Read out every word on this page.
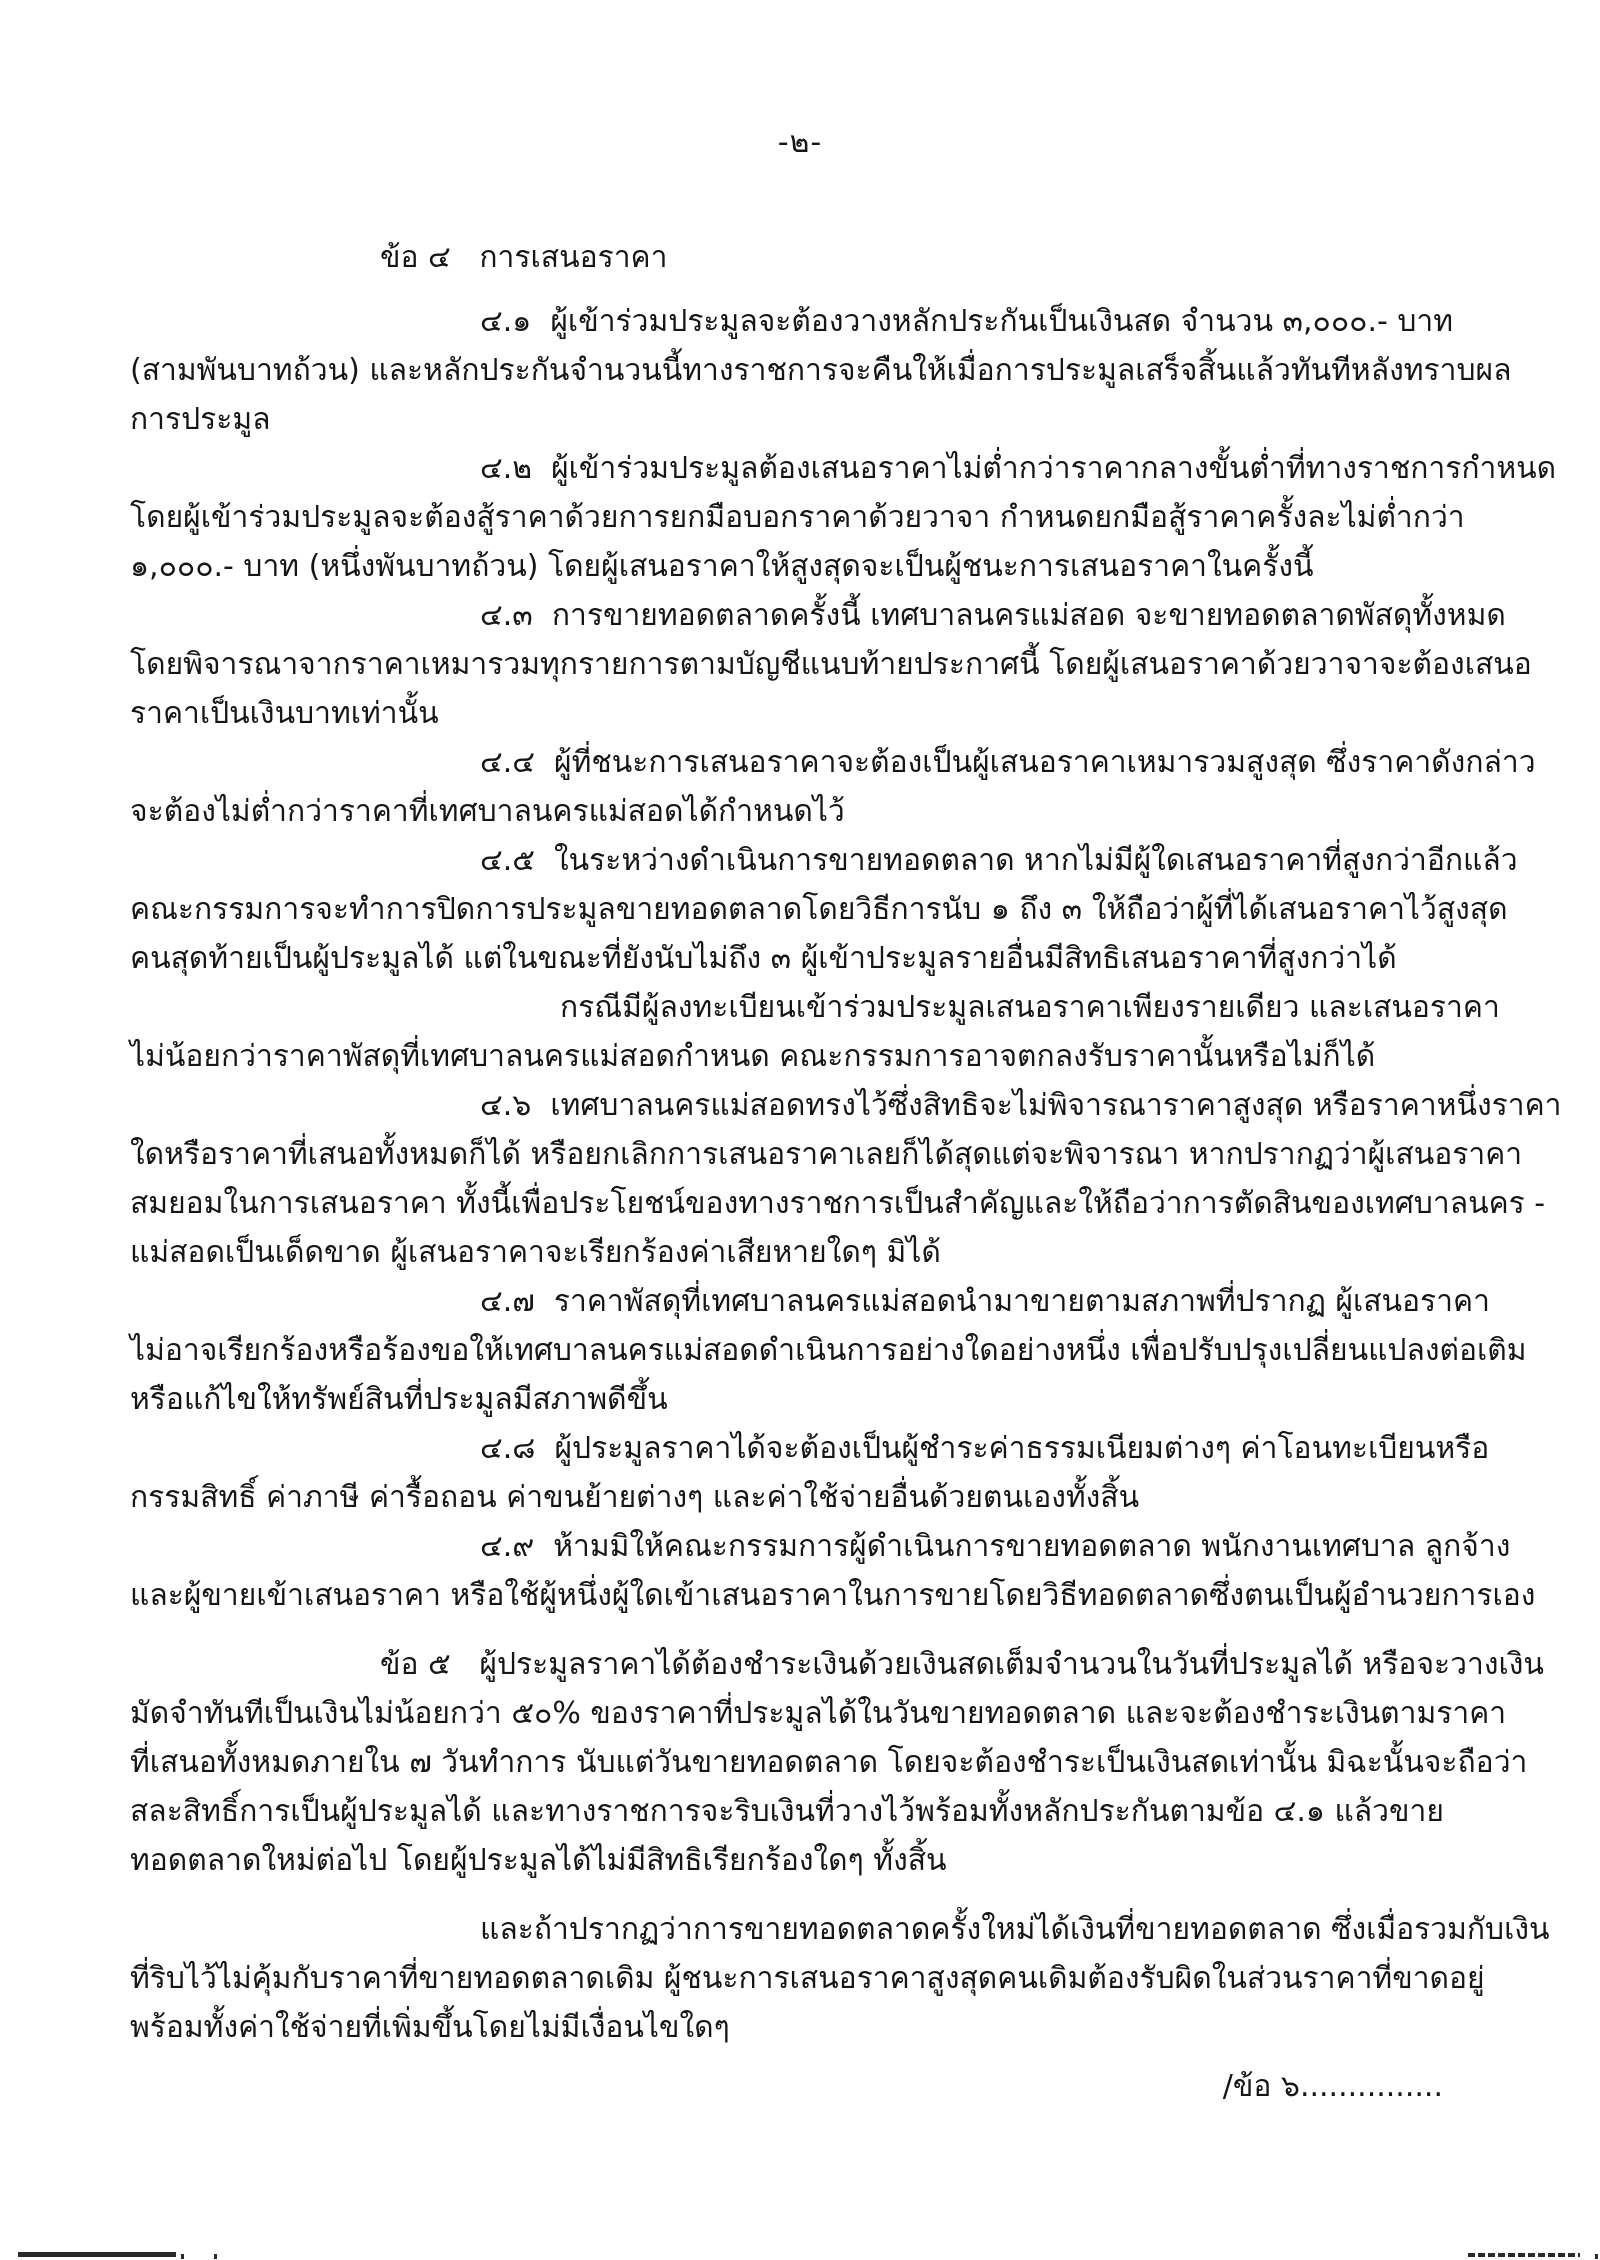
-๒-
ข้อ ๔   การเสนอราคา
๔.๑  ผู้เข้าร่วมประมูลจะต้องวางหลักประกันเป็นเงินสด จำนวน ๓,๐๐๐.- บาท
(สามพันบาทถ้วน) และหลักประกันจำนวนนี้ทางราชการจะคืนให้เมื่อการประมูลเสร็จสิ้นแล้วทันทีหลังทราบผล
การประมูล
๔.๒  ผู้เข้าร่วมประมูลต้องเสนอราคาไม่ต่ำกว่าราคากลางขั้นต่ำที่ทางราชการกำหนด
โดยผู้เข้าร่วมประมูลจะต้องสู้ราคาด้วยการยกมือบอกราคาด้วยวาจา กำหนดยกมือสู้ราคาครั้งละไม่ต่ำกว่า
๑,๐๐๐.- บาท (หนึ่งพันบาทถ้วน) โดยผู้เสนอราคาให้สูงสุดจะเป็นผู้ชนะการเสนอราคาในครั้งนี้
๔.๓  การขายทอดตลาดครั้งนี้ เทศบาลนครแม่สอด จะขายทอดตลาดพัสดุทั้งหมด
โดยพิจารณาจากราคาเหมารวมทุกรายการตามบัญชีแนบท้ายประกาศนี้ โดยผู้เสนอราคาด้วยวาจาจะต้องเสนอ
ราคาเป็นเงินบาทเท่านั้น
๔.๔  ผู้ที่ชนะการเสนอราคาจะต้องเป็นผู้เสนอราคาเหมารวมสูงสุด ซึ่งราคาดังกล่าว
จะต้องไม่ต่ำกว่าราคาที่เทศบาลนครแม่สอดได้กำหนดไว้
๔.๕  ในระหว่างดำเนินการขายทอดตลาด หากไม่มีผู้ใดเสนอราคาที่สูงกว่าอีกแล้ว
คณะกรรมการจะทำการปิดการประมูลขายทอดตลาดโดยวิธีการนับ ๑ ถึง ๓ ให้ถือว่าผู้ที่ได้เสนอราคาไว้สูงสุด
คนสุดท้ายเป็นผู้ประมูลได้ แต่ในขณะที่ยังนับไม่ถึง ๓ ผู้เข้าประมูลรายอื่นมีสิทธิเสนอราคาที่สูงกว่าได้
กรณีมีผู้ลงทะเบียนเข้าร่วมประมูลเสนอราคาเพียงรายเดียว และเสนอราคา
ไม่น้อยกว่าราคาพัสดุที่เทศบาลนครแม่สอดกำหนด คณะกรรมการอาจตกลงรับราคานั้นหรือไม่ก็ได้
๔.๖  เทศบาลนครแม่สอดทรงไว้ซึ่งสิทธิจะไม่พิจารณาราคาสูงสุด หรือราคาหนึ่งราคา
ใดหรือราคาที่เสนอทั้งหมดก็ได้ หรือยกเลิกการเสนอราคาเลยก็ได้สุดแต่จะพิจารณา หากปรากฏว่าผู้เสนอราคา
สมยอมในการเสนอราคา ทั้งนี้เพื่อประโยชน์ของทางราชการเป็นสำคัญและให้ถือว่าการตัดสินของเทศบาลนคร -
แม่สอดเป็นเด็ดขาด ผู้เสนอราคาจะเรียกร้องค่าเสียหายใดๆ มิได้
๔.๗  ราคาพัสดุที่เทศบาลนครแม่สอดนำมาขายตามสภาพที่ปรากฏ ผู้เสนอราคา
ไม่อาจเรียกร้องหรือร้องขอให้เทศบาลนครแม่สอดดำเนินการอย่างใดอย่างหนึ่ง เพื่อปรับปรุงเปลี่ยนแปลงต่อเติม
หรือแก้ไขให้ทรัพย์สินที่ประมูลมีสภาพดีขึ้น
๔.๘  ผู้ประมูลราคาได้จะต้องเป็นผู้ชำระค่าธรรมเนียมต่างๆ ค่าโอนทะเบียนหรือ
กรรมสิทธิ์ ค่าภาษี ค่ารื้อถอน ค่าขนย้ายต่างๆ และค่าใช้จ่ายอื่นด้วยตนเองทั้งสิ้น
๔.๙  ห้ามมิให้คณะกรรมการผู้ดำเนินการขายทอดตลาด พนักงานเทศบาล ลูกจ้าง
และผู้ขายเข้าเสนอราคา หรือใช้ผู้หนึ่งผู้ใดเข้าเสนอราคาในการขายโดยวิธีทอดตลาดซึ่งตนเป็นผู้อำนวยการเอง
ข้อ ๕   ผู้ประมูลราคาได้ต้องชำระเงินด้วยเงินสดเต็มจำนวนในวันที่ประมูลได้ หรือจะวางเงิน
มัดจำทันทีเป็นเงินไม่น้อยกว่า ๕๐% ของราคาที่ประมูลได้ในวันขายทอดตลาด และจะต้องชำระเงินตามราคา
ที่เสนอทั้งหมดภายใน ๗ วันทำการ นับแต่วันขายทอดตลาด โดยจะต้องชำระเป็นเงินสดเท่านั้น มิฉะนั้นจะถือว่า
สละสิทธิ์การเป็นผู้ประมูลได้ และทางราชการจะริบเงินที่วางไว้พร้อมทั้งหลักประกันตามข้อ ๔.๑ แล้วขาย
ทอดตลาดใหม่ต่อไป โดยผู้ประมูลได้ไม่มีสิทธิเรียกร้องใดๆ ทั้งสิ้น
และถ้าปรากฏว่าการขายทอดตลาดครั้งใหม่ได้เงินที่ขายทอดตลาด ซึ่งเมื่อรวมกับเงิน
ที่ริบไว้ไม่คุ้มกับราคาที่ขายทอดตลาดเดิม ผู้ชนะการเสนอราคาสูงสุดคนเดิมต้องรับผิดในส่วนราคาที่ขาดอยู่
พร้อมทั้งค่าใช้จ่ายที่เพิ่มขึ้นโดยไม่มีเงื่อนไขใดๆ
/ข้อ ๖...............
